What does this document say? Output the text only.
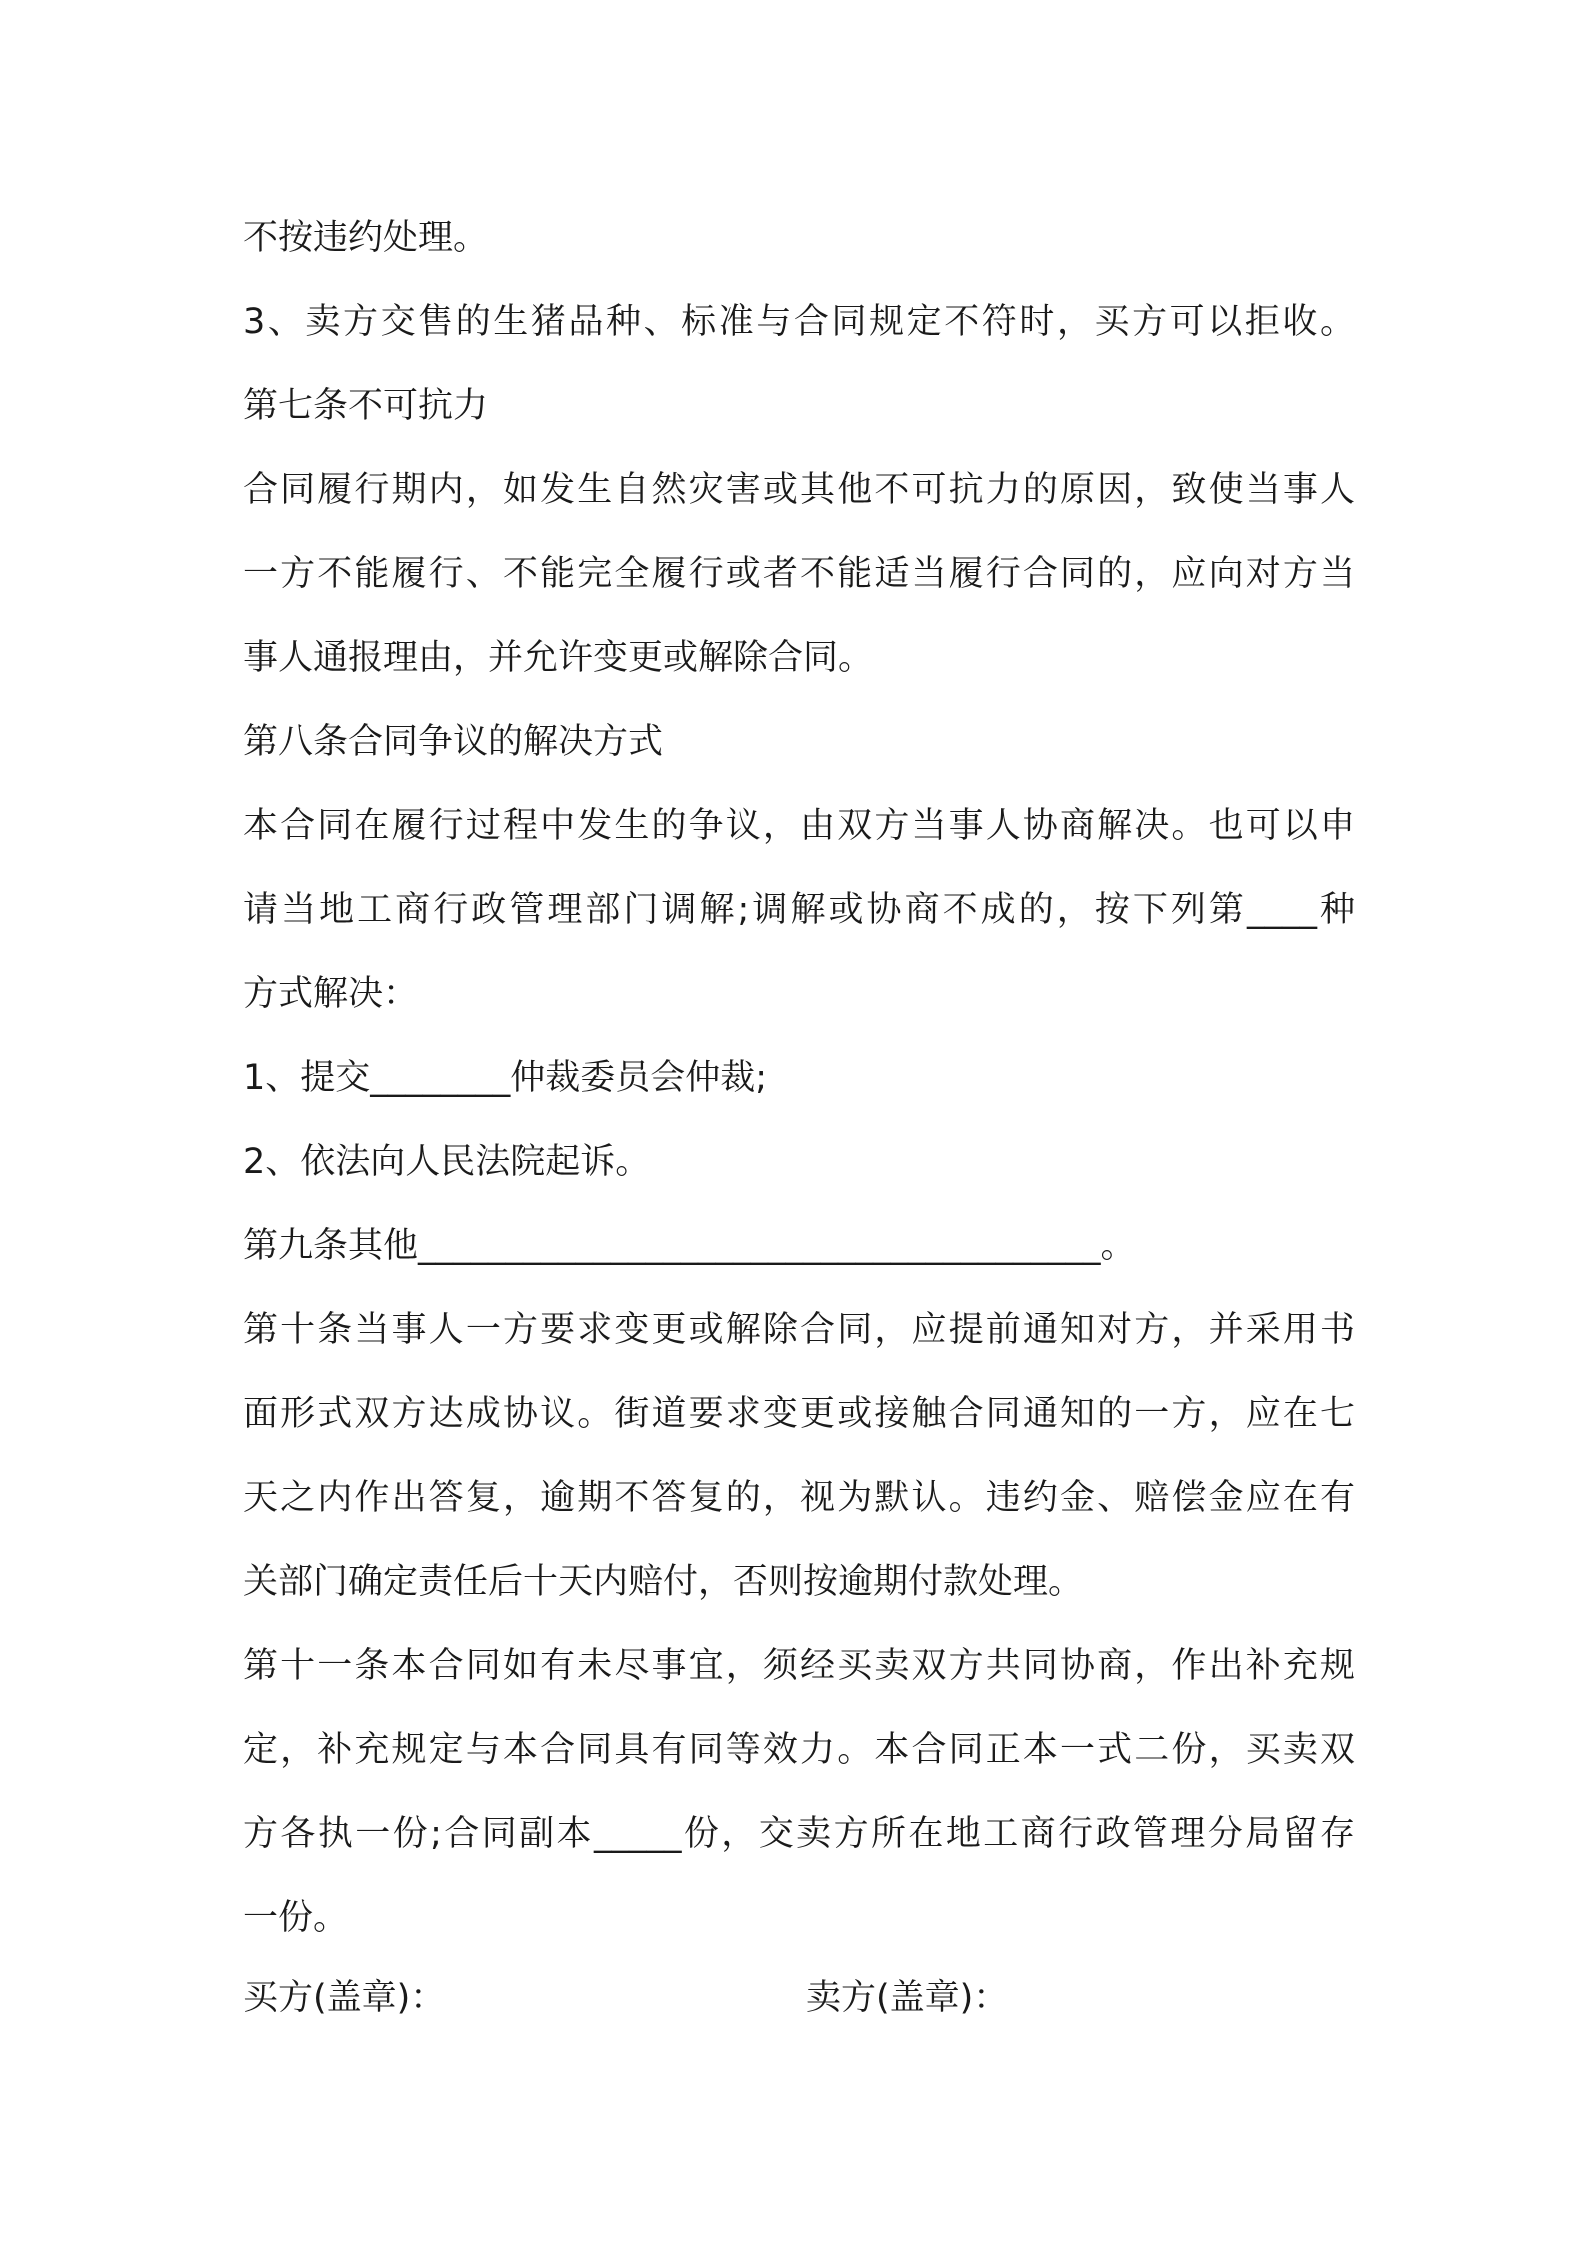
不按违约处理。
3、卖方交售的生猪品种、标准与合同规定不符时，买方可以拒收。
第七条不可抗力
合同履行期内，如发生自然灾害或其他不可抗力的原因，致使当事人
一方不能履行、不能完全履行或者不能适当履行合同的，应向对方当
事人通报理由，并允许变更或解除合同。
第八条合同争议的解决方式
本合同在履行过程中发生的争议，由双方当事人协商解决。也可以申
请当地工商行政管理部门调解;调解或协商不成的，按下列第____种
方式解决：
1、提交________仲裁委员会仲裁;
2、依法向人民法院起诉。
第九条其他_______________________________________。
第十条当事人一方要求变更或解除合同，应提前通知对方，并采用书
面形式双方达成协议。街道要求变更或接触合同通知的一方，应在七
天之内作出答复，逾期不答复的，视为默认。违约金、赔偿金应在有
关部门确定责任后十天内赔付，否则按逾期付款处理。
第十一条本合同如有未尽事宜，须经买卖双方共同协商，作出补充规
定，补充规定与本合同具有同等效力。本合同正本一式二份，买卖双
方各执一份;合同副本_____份，交卖方所在地工商行政管理分局留存
一份。
买方(盖章)：	卖方(盖章)：
